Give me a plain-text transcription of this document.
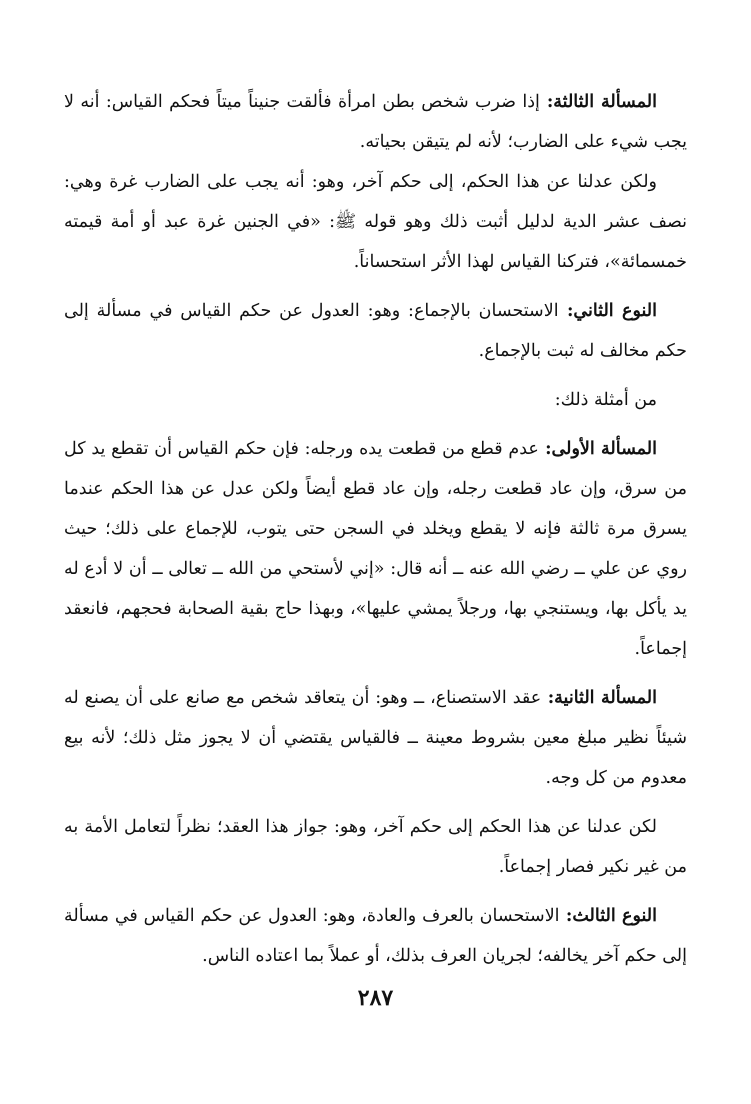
المسألة الثالثة: إذا ضرب شخص بطن امرأة فألقت جنيناً ميتاً فحكم القياس: أنه لا يجب شيء على الضارب؛ لأنه لم يتيقن بحياته.

ولكن عدلنا عن هذا الحكم، إلى حكم آخر، وهو: أنه يجب على الضارب غرة وهي: نصف عشر الدية لدليل أثبت ذلك وهو قوله ﷺ: «في الجنين غرة عبد أو أمة قيمته خمسمائة»، فتركنا القياس لهذا الأثر استحساناً.

النوع الثاني: الاستحسان بالإجماع: وهو: العدول عن حكم القياس في مسألة إلى حكم مخالف له ثبت بالإجماع.

من أمثلة ذلك:

المسألة الأولى: عدم قطع من قطعت يده ورجله: فإن حكم القياس أن تقطع يد كل من سرق، وإن عاد قطعت رجله، وإن عاد قطع أيضاً ولكن عدل عن هذا الحكم عندما يسرق مرة ثالثة فإنه لا يقطع ويخلد في السجن حتى يتوب، للإجماع على ذلك؛ حيث روي عن علي ــ رضي الله عنه ــ أنه قال: «إني لأستحي من الله ــ تعالى ــ أن لا أدع له يد يأكل بها، ويستنجي بها، ورجلاً يمشي عليها»، وبهذا حاج بقية الصحابة فحجهم، فانعقد إجماعاً.

المسألة الثانية: عقد الاستصناع، ــ وهو: أن يتعاقد شخص مع صانع على أن يصنع له شيئاً نظير مبلغ معين بشروط معينة ــ فالقياس يقتضي أن لا يجوز مثل ذلك؛ لأنه بيع معدوم من كل وجه.

لكن عدلنا عن هذا الحكم إلى حكم آخر، وهو: جواز هذا العقد؛ نظراً لتعامل الأمة به من غير نكير فصار إجماعاً.

النوع الثالث: الاستحسان بالعرف والعادة، وهو: العدول عن حكم القياس في مسألة إلى حكم آخر يخالفه؛ لجريان العرف بذلك، أو عملاً بما اعتاده الناس.

٢٨٧
